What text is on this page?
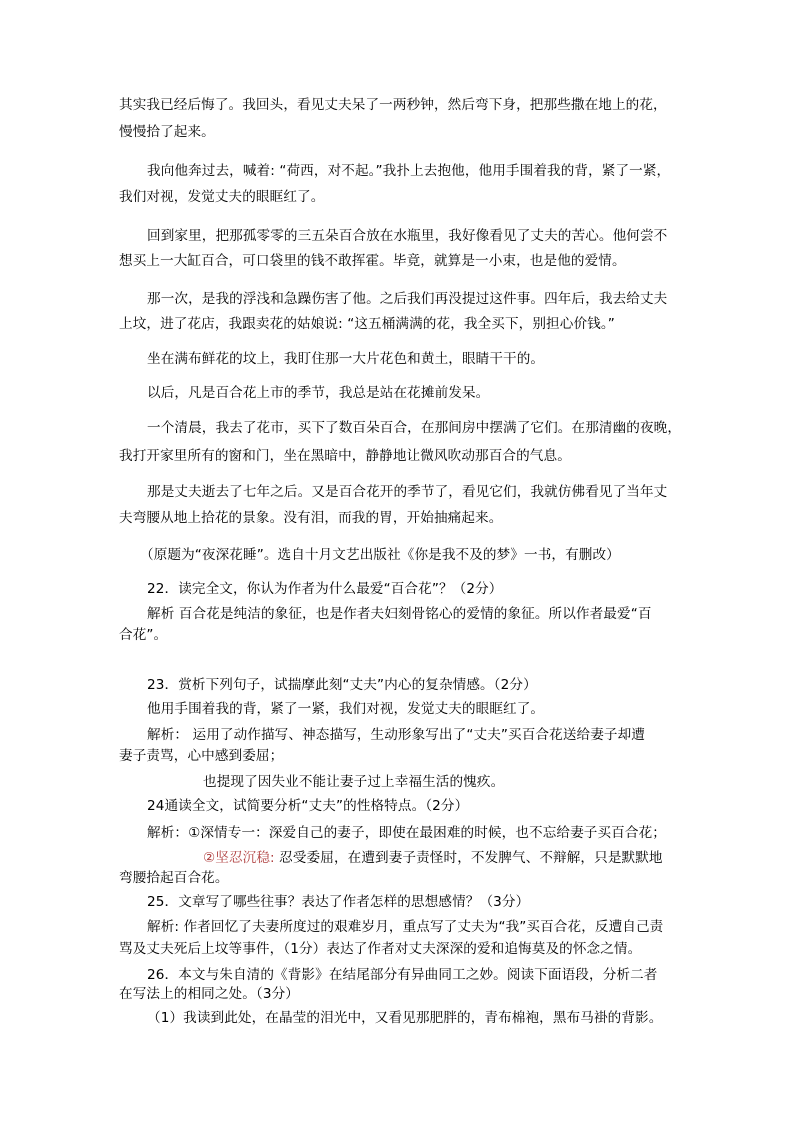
其实我已经后悔了。我回头，看见丈夫呆了一两秒钟，然后弯下身，把那些撒在地上的花，
慢慢拾了起来。
我向他奔过去，喊着: “荷西，对不起。”我扑上去抱他，他用手围着我的背，紧了一紧，
我们对视，发觉丈夫的眼眶红了。
回到家里，把那孤零零的三五朵百合放在水瓶里，我好像看见了丈夫的苦心。他何尝不
想买上一大缸百合，可口袋里的钱不敢挥霍。毕竟，就算是一小束，也是他的爱情。
那一次，是我的浮浅和急躁伤害了他。之后我们再没提过这件事。四年后，我去给丈夫
上坟，进了花店，我跟卖花的姑娘说: “这五桶满满的花，我全买下，别担心价钱。”
坐在满布鲜花的坟上，我盯住那一大片花色和黄土，眼睛干干的。
以后，凡是百合花上市的季节，我总是站在花摊前发呆。
一个清晨，我去了花市，买下了数百朵百合，在那间房中摆满了它们。在那清幽的夜晚，
我打开家里所有的窗和门，坐在黑暗中，静静地让微风吹动那百合的气息。
那是丈夫逝去了七年之后。又是百合花开的季节了，看见它们，我就仿佛看见了当年丈
夫弯腰从地上拾花的景象。没有泪，而我的胃，开始抽痛起来。
（原题为“夜深花睡”。选自十月文艺出版社《你是我不及的梦》一书，有删改）
22．读完全文，你认为作者为什么最爱“百合花”？（2分）
解析 百合花是纯洁的象征，也是作者夫妇刻骨铭心的爱情的象征。所以作者最爱“百
合花”。
23．赏析下列句子，试揣摩此刻“丈夫”内心的复杂情感。（2分）
他用手围着我的背，紧了一紧，我们对视，发觉丈夫的眼眶红了。
解析： 运用了动作描写、神态描写，生动形象写出了“丈夫”买百合花送给妻子却遭
妻子责骂，心中感到委屈；
也提现了因失业不能让妻子过上幸福生活的愧疚。
24通读全文，试简要分析“丈夫”的性格特点。（2分）
解析：①深情专一：深爱自己的妻子，即使在最困难的时候，也不忘给妻子买百合花；
②坚忍沉稳: 忍受委屈，在遭到妻子责怪时，不发脾气、不辩解，只是默默地
弯腰拾起百合花。
25．文章写了哪些往事？表达了作者怎样的思想感情？（3分）
解析: 作者回忆了夫妻所度过的艰难岁月，重点写了丈夫为“我”买百合花，反遭自己责
骂及丈夫死后上坟等事件，（1分）表达了作者对丈夫深深的爱和追悔莫及的怀念之情。
26．本文与朱自清的《背影》在结尾部分有异曲同工之妙。阅读下面语段，分析二者
在写法上的相同之处。（3分）
（1）我读到此处，在晶莹的泪光中，又看见那肥胖的，青布棉袍，黑布马褂的背影。
